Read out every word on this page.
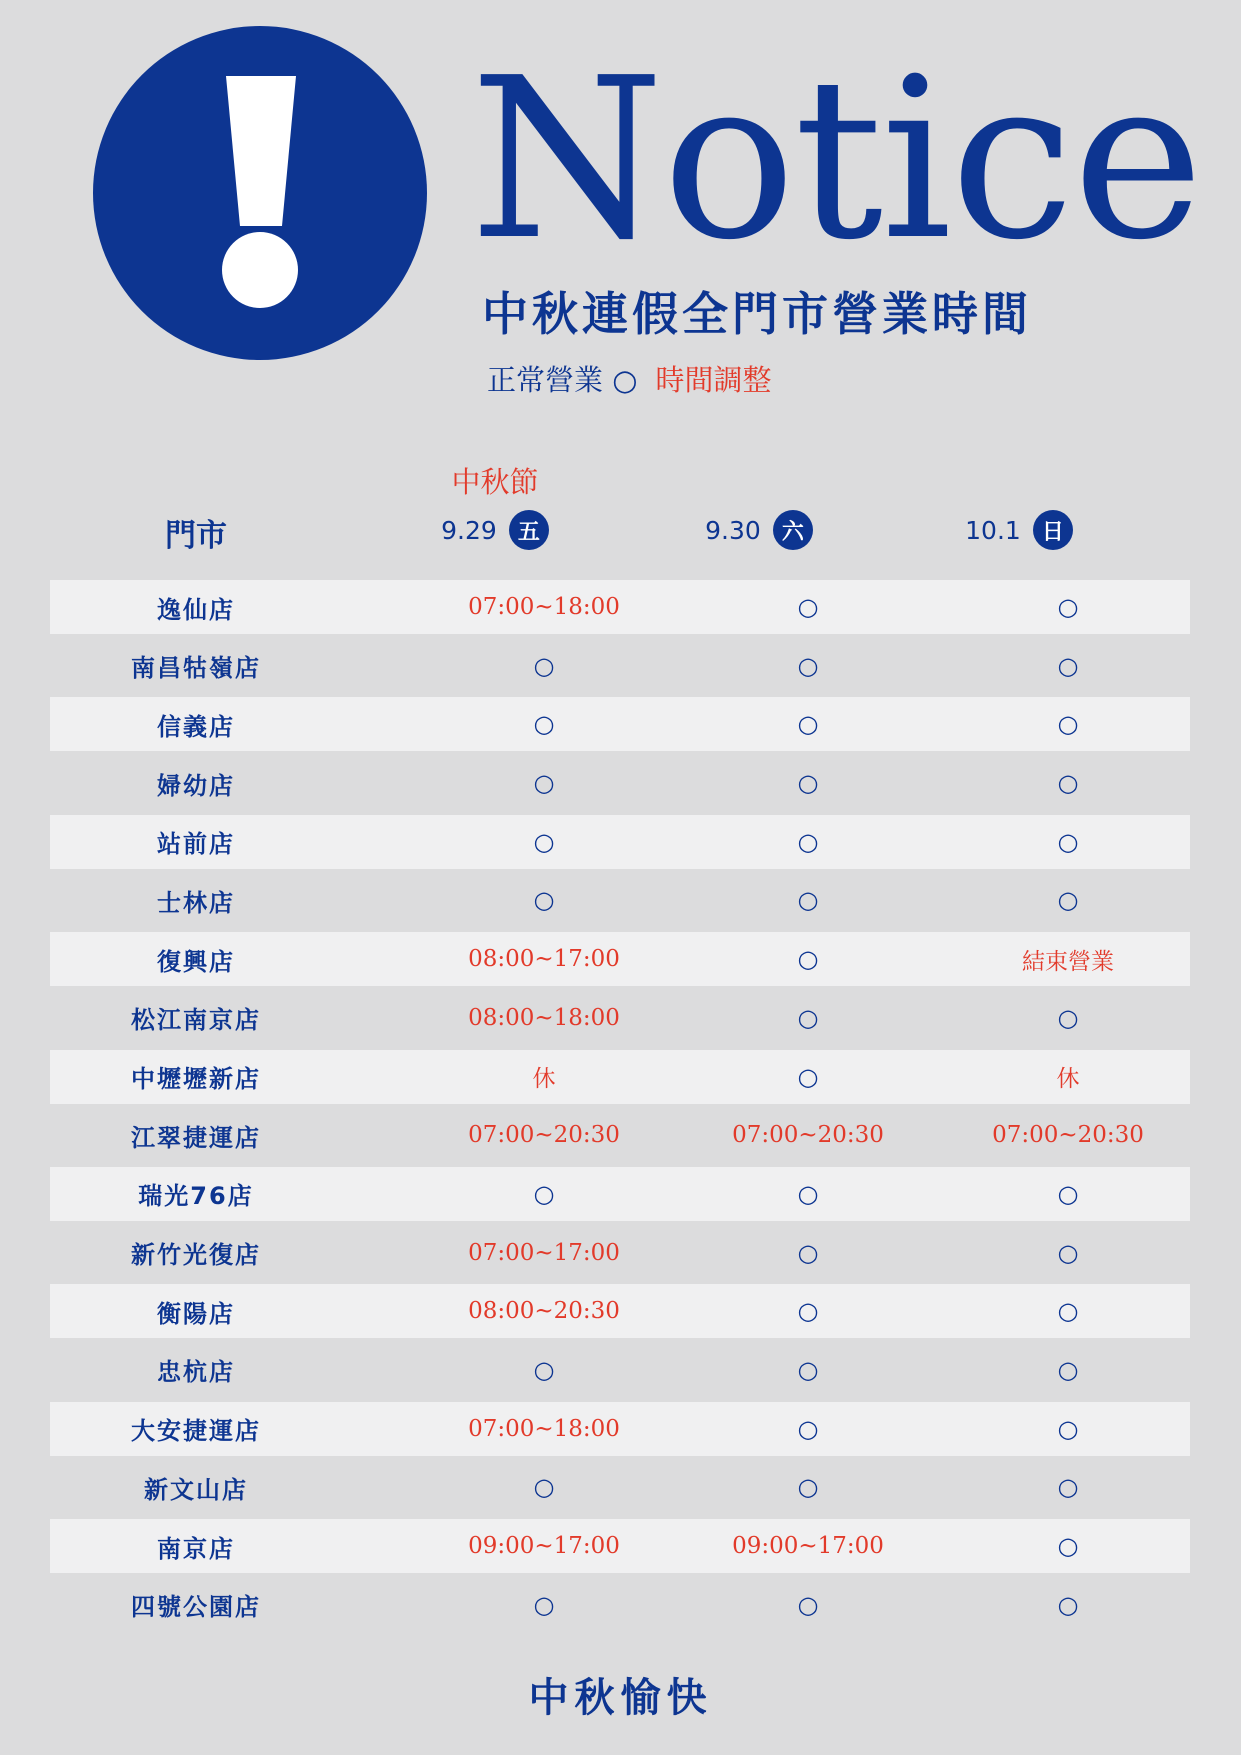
Notice
中秋連假全門市營業時間
正常營業 ○ 時間調整
門市
中秋節
9.29 五	9.30 六	10.1 日
逸仙店	07:00~18:00	○	○
南昌牯嶺店	○	○	○
信義店	○	○	○
婦幼店	○	○	○
站前店	○	○	○
士林店	○	○	○
復興店	08:00~17:00	○	結束營業
松江南京店	08:00~18:00	○	○
中壢壢新店	休	○	休
江翠捷運店	07:00~20:30	07:00~20:30	07:00~20:30
瑞光76店	○	○	○
新竹光復店	07:00~17:00	○	○
衡陽店	08:00~20:30	○	○
忠杭店	○	○	○
大安捷運店	07:00~18:00	○	○
新文山店	○	○	○
南京店	09:00~17:00	09:00~17:00	○
四號公園店	○	○	○
中秋愉快
